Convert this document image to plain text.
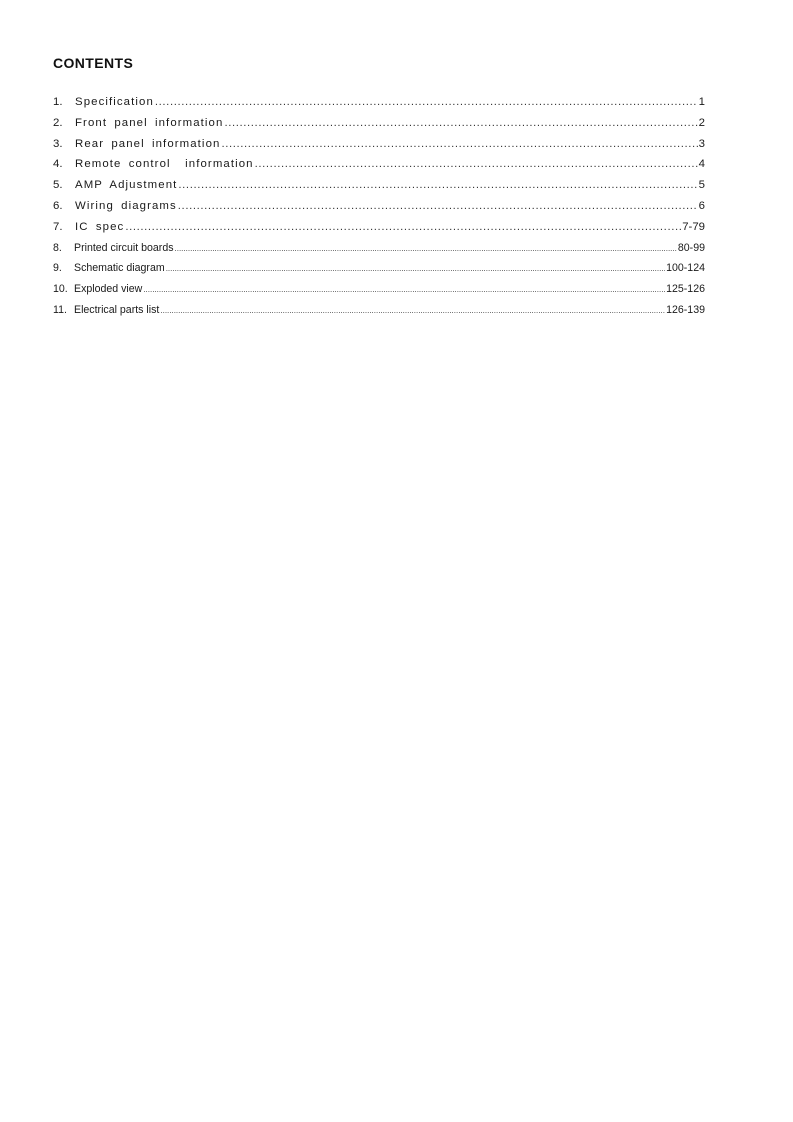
CONTENTS
1.	Specification .....	1
2.	Front panel information .....	2
3.	Rear panel information .....	3
4.	Remote control  information .....	4
5.	AMP Adjustment .....	5
6.	Wiring diagrams .....	6
7.	IC spec .....	7-79
8.	Printed circuit boards .....	80-99
9.	Schematic diagram .....	100-124
10. Exploded view .....	125-126
11. Electrical parts list .....	126-139
